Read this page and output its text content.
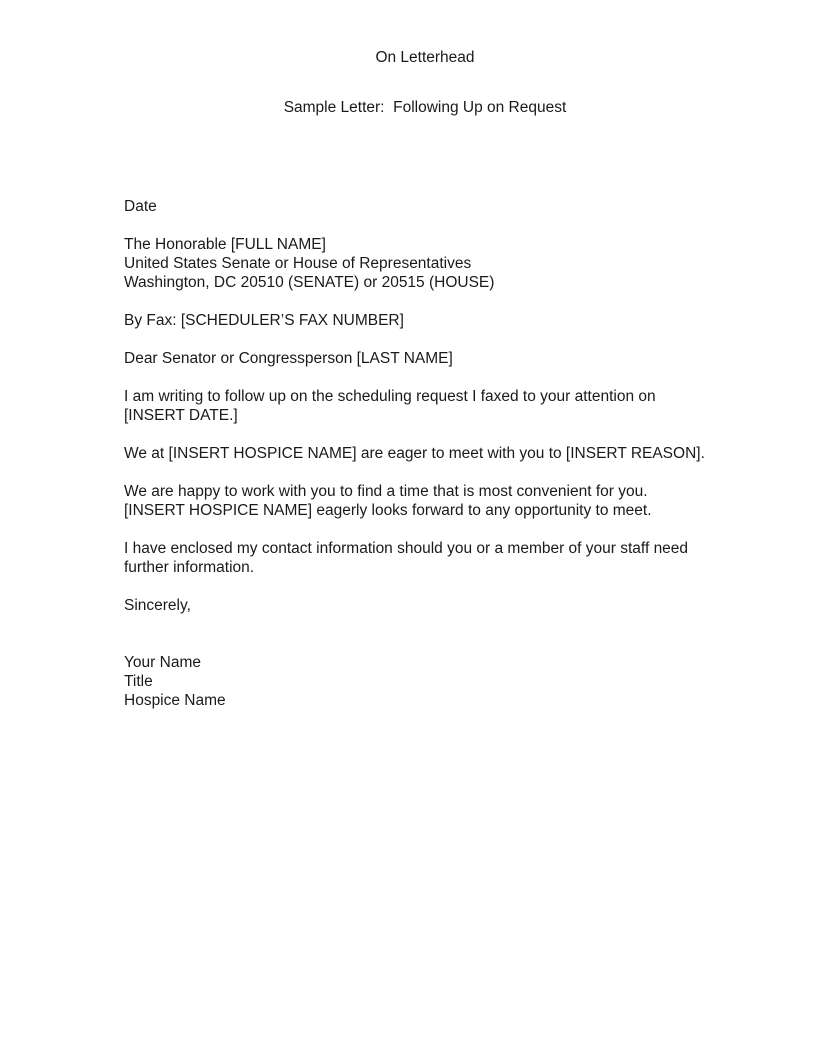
On Letterhead
Sample Letter:  Following Up on Request
Date
The Honorable [FULL NAME]
United States Senate or House of Representatives
Washington, DC 20510 (SENATE) or 20515 (HOUSE)
By Fax: [SCHEDULER’S FAX NUMBER]
Dear Senator or Congressperson [LAST NAME]
I am writing to follow up on the scheduling request I faxed to your attention on [INSERT DATE.]
We at [INSERT HOSPICE NAME] are eager to meet with you to [INSERT REASON].
We are happy to work with you to find a time that is most convenient for you. [INSERT HOSPICE NAME] eagerly looks forward to any opportunity to meet.
I have enclosed my contact information should you or a member of your staff need further information.
Sincerely,
Your Name
Title
Hospice Name
